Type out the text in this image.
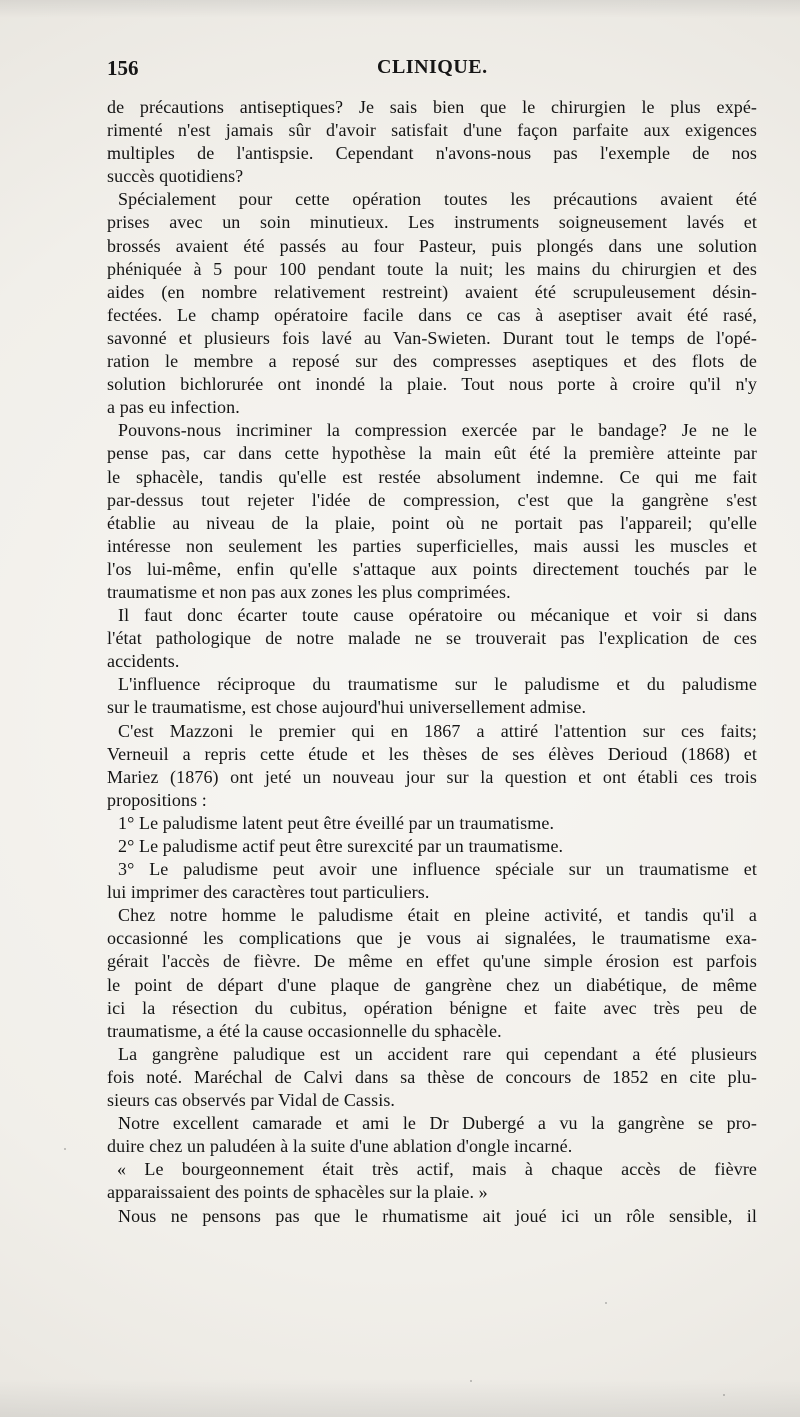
156	CLINIQUE.
de précautions antiseptiques? Je sais bien que le chirurgien le plus expé-
rimenté n'est jamais sûr d'avoir satisfait d'une façon parfaite aux exigences
multiples de l'antispsie. Cependant n'avons-nous pas l'exemple de nos
succès quotidiens?
Spécialement pour cette opération toutes les précautions avaient été
prises avec un soin minutieux. Les instruments soigneusement lavés et
brossés avaient été passés au four Pasteur, puis plongés dans une solution
phéniquée à 5 pour 100 pendant toute la nuit; les mains du chirurgien et des
aides (en nombre relativement restreint) avaient été scrupuleusement désin-
fectées. Le champ opératoire facile dans ce cas à aseptiser avait été rasé,
savonné et plusieurs fois lavé au Van-Swieten. Durant tout le temps de l'opé-
ration le membre a reposé sur des compresses aseptiques et des flots de
solution bichlorurée ont inondé la plaie. Tout nous porte à croire qu'il n'y
a pas eu infection.
Pouvons-nous incriminer la compression exercée par le bandage? Je ne le
pense pas, car dans cette hypothèse la main eût été la première atteinte par
le sphacèle, tandis qu'elle est restée absolument indemne. Ce qui me fait
par-dessus tout rejeter l'idée de compression, c'est que la gangrène s'est
établie au niveau de la plaie, point où ne portait pas l'appareil; qu'elle
intéresse non seulement les parties superficielles, mais aussi les muscles et
l'os lui-même, enfin qu'elle s'attaque aux points directement touchés par le
traumatisme et non pas aux zones les plus comprimées.
Il faut donc écarter toute cause opératoire ou mécanique et voir si dans
l'état pathologique de notre malade ne se trouverait pas l'explication de ces
accidents.
L'influence réciproque du traumatisme sur le paludisme et du paludisme
sur le traumatisme, est chose aujourd'hui universellement admise.
C'est Mazzoni le premier qui en 1867 a attiré l'attention sur ces faits;
Verneuil a repris cette étude et les thèses de ses élèves Derioud (1868) et
Mariez (1876) ont jeté un nouveau jour sur la question et ont établi ces trois
propositions :
1° Le paludisme latent peut être éveillé par un traumatisme.
2° Le paludisme actif peut être surexcité par un traumatisme.
3° Le paludisme peut avoir une influence spéciale sur un traumatisme et
lui imprimer des caractères tout particuliers.
Chez notre homme le paludisme était en pleine activité, et tandis qu'il a
occasionné les complications que je vous ai signalées, le traumatisme exa-
gérait l'accès de fièvre. De même en effet qu'une simple érosion est parfois
le point de départ d'une plaque de gangrène chez un diabétique, de même
ici la résection du cubitus, opération bénigne et faite avec très peu de
traumatisme, a été la cause occasionnelle du sphacèle.
La gangrène paludique est un accident rare qui cependant a été plusieurs
fois noté. Maréchal de Calvi dans sa thèse de concours de 1852 en cite plu-
sieurs cas observés par Vidal de Cassis.
Notre excellent camarade et ami le Dr Dubergé a vu la gangrène se pro-
duire chez un paludéen à la suite d'une ablation d'ongle incarné.
« Le bourgeonnement était très actif, mais à chaque accès de fièvre
apparaissaient des points de sphacèles sur la plaie. »
Nous ne pensons pas que le rhumatisme ait joué ici un rôle sensible, il
